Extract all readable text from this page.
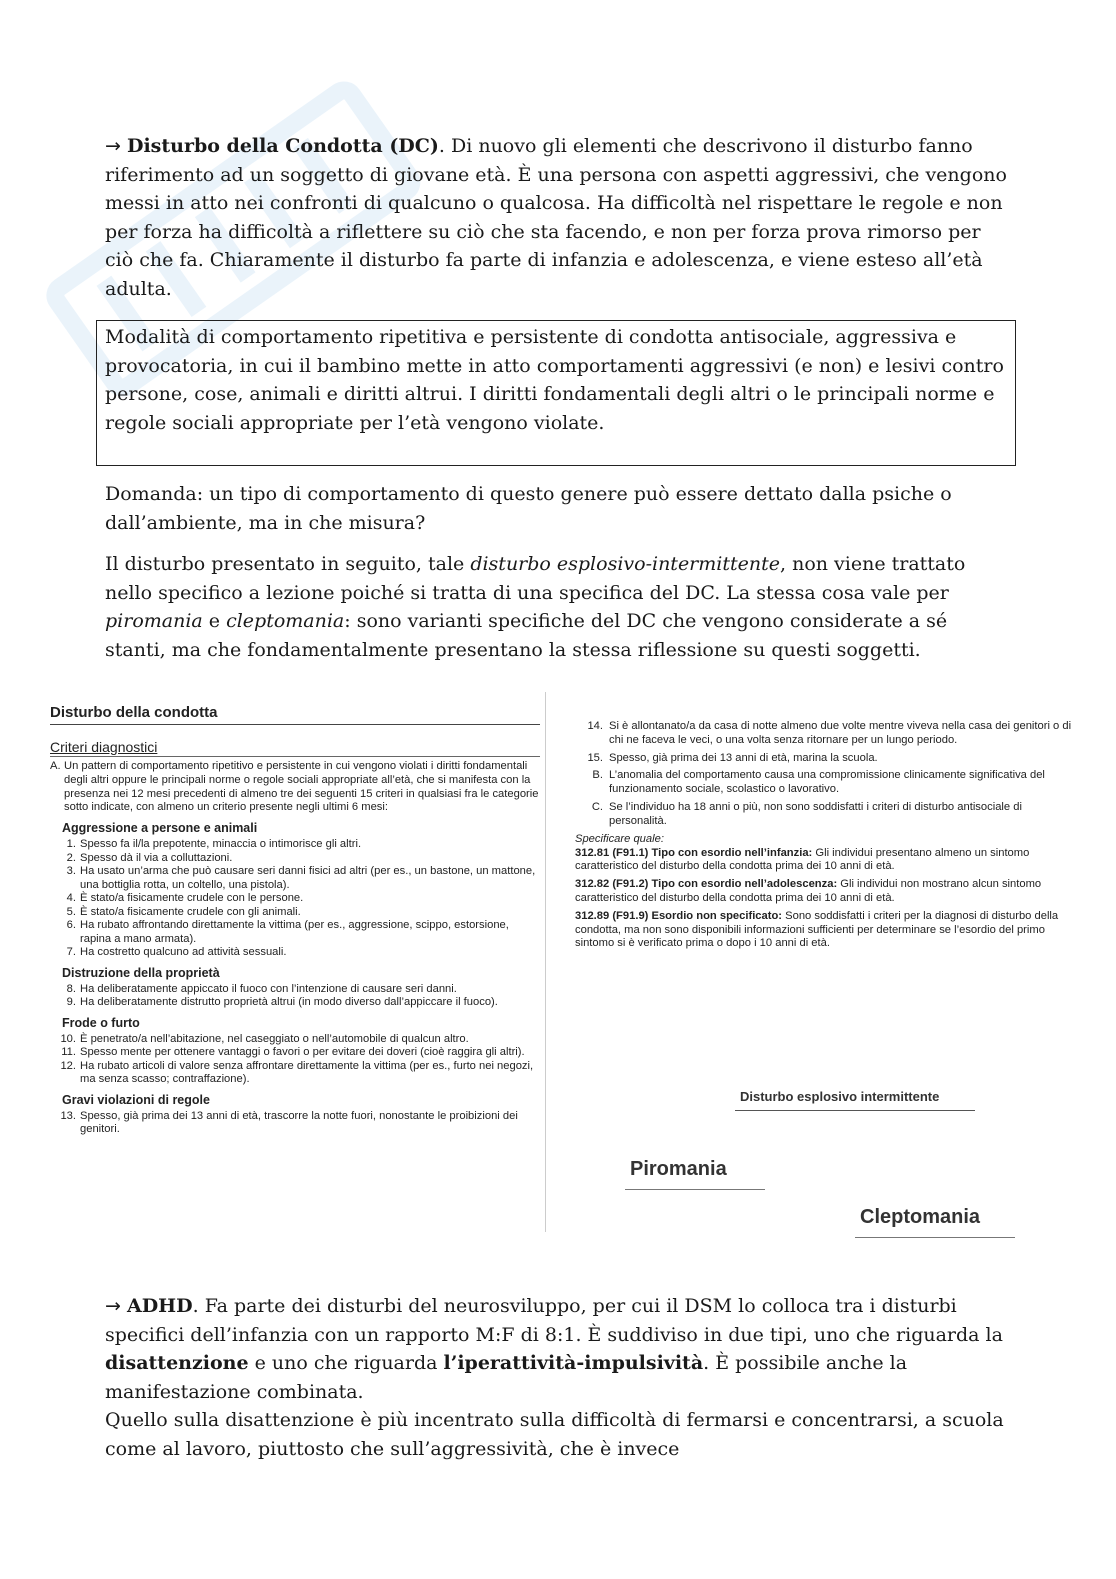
→ Disturbo della Condotta (DC). Di nuovo gli elementi che descrivono il disturbo fanno riferimento ad un soggetto di giovane età. È una persona con aspetti aggressivi, che vengono messi in atto nei confronti di qualcuno o qualcosa. Ha difficoltà nel rispettare le regole e non per forza ha difficoltà a riflettere su ciò che sta facendo, e non per forza prova rimorso per ciò che fa. Chiaramente il disturbo fa parte di infanzia e adolescenza, e viene esteso all’età adulta.

Modalità di comportamento ripetitiva e persistente di condotta antisociale, aggressiva e provocatoria, in cui il bambino mette in atto comportamenti aggressivi (e non) e lesivi contro persone, cose, animali e diritti altrui. I diritti fondamentali degli altri o le principali norme e regole sociali appropriate per l’età vengono violate.

Domanda: un tipo di comportamento di questo genere può essere dettato dalla psiche o dall’ambiente, ma in che misura?

Il disturbo presentato in seguito, tale disturbo esplosivo-intermittente, non viene trattato nello specifico a lezione poiché si tratta di una specifica del DC. La stessa cosa vale per piromania e cleptomania: sono varianti specifiche del DC che vengono considerate a sé stanti, ma che fondamentalmente presentano la stessa riflessione su questi soggetti.

Disturbo della condotta
Criteri diagnostici
A. Un pattern di comportamento ripetitivo e persistente in cui vengono violati i diritti fondamentali degli altri oppure le principali norme o regole sociali appropriate all’età, che si manifesta con la presenza nei 12 mesi precedenti di almeno tre dei seguenti 15 criteri in qualsiasi fra le categorie sotto indicate, con almeno un criterio presente negli ultimi 6 mesi:
Aggressione a persone e animali
1. Spesso fa il/la prepotente, minaccia o intimorisce gli altri.
2. Spesso dà il via a colluttazioni.
3. Ha usato un’arma che può causare seri danni fisici ad altri (per es., un bastone, un mattone, una bottiglia rotta, un coltello, una pistola).
4. È stato/a fisicamente crudele con le persone.
5. È stato/a fisicamente crudele con gli animali.
6. Ha rubato affrontando direttamente la vittima (per es., aggressione, scippo, estorsione, rapina a mano armata).
7. Ha costretto qualcuno ad attività sessuali.
Distruzione della proprietà
8. Ha deliberatamente appiccato il fuoco con l’intenzione di causare seri danni.
9. Ha deliberatamente distrutto proprietà altrui (in modo diverso dall’appiccare il fuoco).
Frode o furto
10. È penetrato/a nell’abitazione, nel caseggiato o nell’automobile di qualcun altro.
11. Spesso mente per ottenere vantaggi o favori o per evitare dei doveri (cioè raggira gli altri).
12. Ha rubato articoli di valore senza affrontare direttamente la vittima (per es., furto nei negozi, ma senza scasso; contraffazione).
Gravi violazioni di regole
13. Spesso, già prima dei 13 anni di età, trascorre la notte fuori, nonostante le proibizioni dei genitori.
14. Si è allontanato/a da casa di notte almeno due volte mentre viveva nella casa dei genitori o di chi ne faceva le veci, o una volta senza ritornare per un lungo periodo.
15. Spesso, già prima dei 13 anni di età, marina la scuola.
B. L’anomalia del comportamento causa una compromissione clinicamente significativa del funzionamento sociale, scolastico o lavorativo.
C. Se l’individuo ha 18 anni o più, non sono soddisfatti i criteri di disturbo antisociale di personalità.
Specificare quale:
312.81 (F91.1) Tipo con esordio nell’infanzia: Gli individui presentano almeno un sintomo caratteristico del disturbo della condotta prima dei 10 anni di età.
312.82 (F91.2) Tipo con esordio nell’adolescenza: Gli individui non mostrano alcun sintomo caratteristico del disturbo della condotta prima dei 10 anni di età.
312.89 (F91.9) Esordio non specificato: Sono soddisfatti i criteri per la diagnosi di disturbo della condotta, ma non sono disponibili informazioni sufficienti per determinare se l’esordio del primo sintomo si è verificato prima o dopo i 10 anni di età.
Disturbo esplosivo intermittente
Piromania
Cleptomania

→ ADHD. Fa parte dei disturbi del neurosviluppo, per cui il DSM lo colloca tra i disturbi specifici dell’infanzia con un rapporto M:F di 8:1. È suddiviso in due tipi, uno che riguarda la disattenzione e uno che riguarda l’iperattività-impulsività. È possibile anche la manifestazione combinata.
Quello sulla disattenzione è più incentrato sulla difficoltà di fermarsi e concentrarsi, a scuola come al lavoro, piuttosto che sull’aggressività, che è invece
